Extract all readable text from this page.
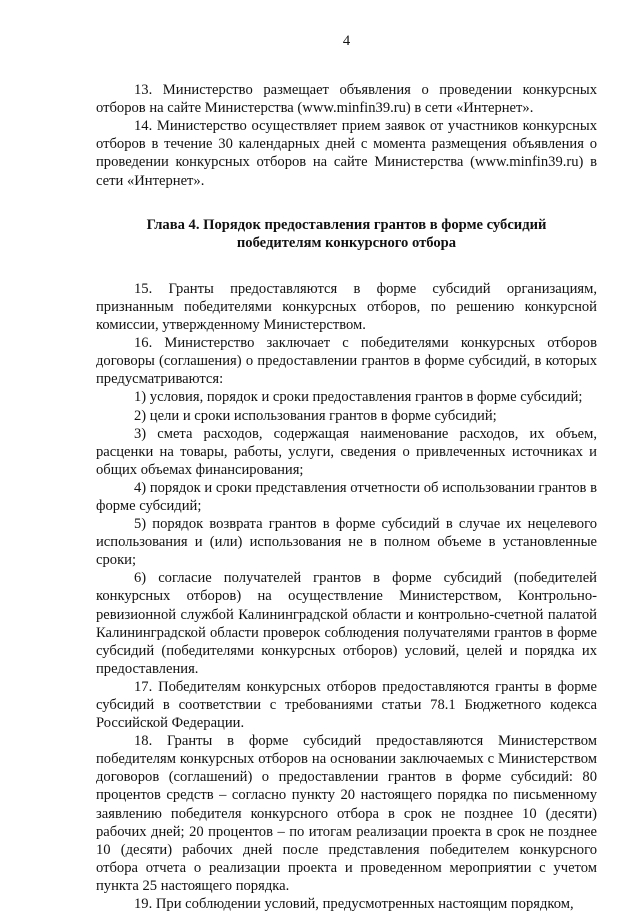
4

13. Министерство размещает объявления о проведении конкурсных отборов на сайте Министерства (www.minfin39.ru) в сети «Интернет».

14. Министерство осуществляет прием заявок от участников конкурсных отборов в течение 30 календарных дней с момента размещения объявления о проведении конкурсных отборов на сайте Министерства (www.minfin39.ru) в сети «Интернет».

Глава 4. Порядок предоставления грантов в форме субсидий
победителям конкурсного отбора

15. Гранты предоставляются в форме субсидий организациям, признанным победителями конкурсных отборов, по решению конкурсной комиссии, утвержденному Министерством.

16. Министерство заключает с победителями конкурсных отборов договоры (соглашения) о предоставлении грантов в форме субсидий, в которых предусматриваются:

1) условия, порядок и сроки предоставления грантов в форме субсидий;

2) цели и сроки использования грантов в форме субсидий;

3) смета расходов, содержащая наименование расходов, их объем, расценки на товары, работы, услуги, сведения о привлеченных источниках и общих объемах финансирования;

4) порядок и сроки представления отчетности об использовании грантов в форме субсидий;

5) порядок возврата грантов в форме субсидий в случае их нецелевого использования и (или) использования не в полном объеме в установленные сроки;

6) согласие получателей грантов в форме субсидий (победителей конкурсных отборов) на осуществление Министерством, Контрольно-ревизионной службой Калининградской области и контрольно-счетной палатой Калининградской области проверок соблюдения получателями грантов в форме субсидий (победителями конкурсных отборов) условий, целей и порядка их предоставления.

17. Победителям конкурсных отборов предоставляются гранты в форме субсидий в соответствии с требованиями статьи 78.1 Бюджетного кодекса Российской Федерации.

18. Гранты в форме субсидий предоставляются Министерством победителям конкурсных отборов на основании заключаемых с Министерством договоров (соглашений) о предоставлении грантов в форме субсидий: 80 процентов средств – согласно пункту 20 настоящего порядка по письменному заявлению победителя конкурсного отбора в срок не позднее 10 (десяти) рабочих дней; 20 процентов – по итогам реализации проекта в срок не позднее 10 (десяти) рабочих дней после представления победителем конкурсного отбора отчета о реализации проекта и проведенном мероприятии с учетом пункта 25 настоящего порядка.

19. При соблюдении условий, предусмотренных настоящим порядком,
